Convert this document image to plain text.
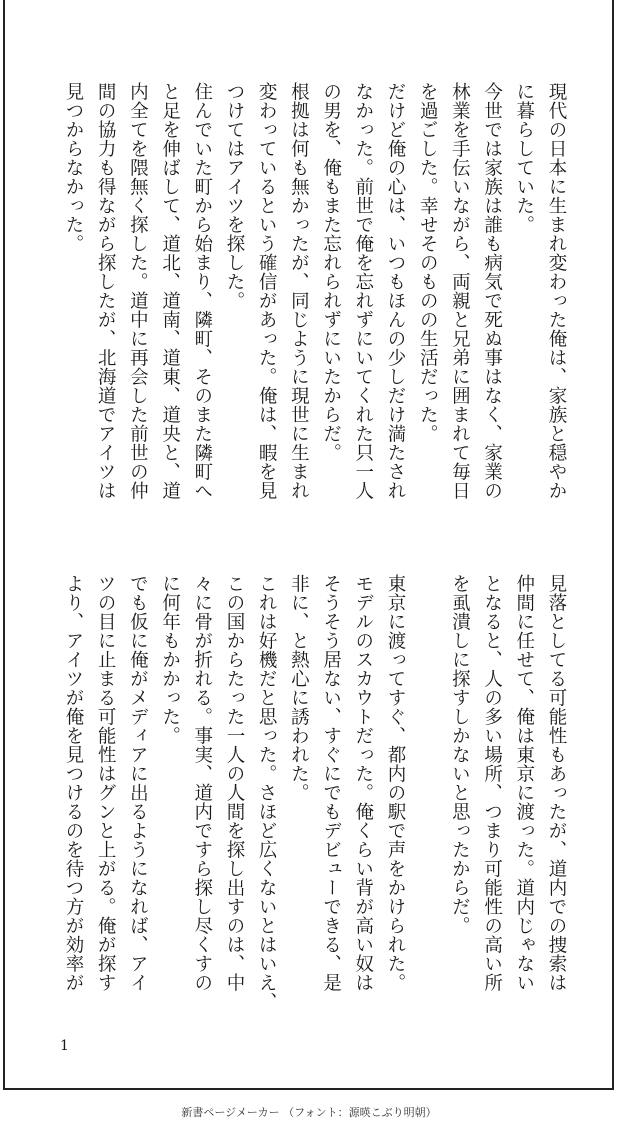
現代の日本に生まれ変わった俺は、家族と穏やか
に暮らしていた。
今世では家族は誰も病気で死ぬ事はなく、家業の
林業を手伝いながら、両親と兄弟に囲まれて毎日
を過ごした。幸せそのものの生活だった。
だけど俺の心は、いつもほんの少しだけ満たされ
なかった。前世で俺を忘れずにいてくれた只一人
の男を、俺もまた忘れられずにいたからだ。
根拠は何も無かったが、同じように現世に生まれ
変わっているという確信があった。俺は、暇を見
つけてはアイツを探した。
住んでいた町から始まり、隣町、そのまた隣町へ
と足を伸ばして、道北、道南、道東、道央と、道
内全てを隈無く探した。道中に再会した前世の仲
間の協力も得ながら探したが、北海道でアイツは
見つからなかった。
見落としてる可能性もあったが、道内での捜索は
仲間に任せて、俺は東京に渡った。道内じゃない
となると、人の多い場所、つまり可能性の高い所
を虱潰しに探すしかないと思ったからだ。

東京に渡ってすぐ、都内の駅で声をかけられた。
モデルのスカウトだった。俺くらい背が高い奴は
そうそう居ない、すぐにでもデビューできる、是
非に、と熱心に誘われた。
これは好機だと思った。さほど広くないとはいえ、
この国からたった一人の人間を探し出すのは、中
々に骨が折れる。事実、道内ですら探し尽くすの
に何年もかかった。
でも仮に俺がメディアに出るようになれば、アイ
ツの目に止まる可能性はグンと上がる。俺が探す
より、アイツが俺を見つけるのを待つ方が効率が
1
新書ページメーカー （フォント：源暎こぶり明朝）
